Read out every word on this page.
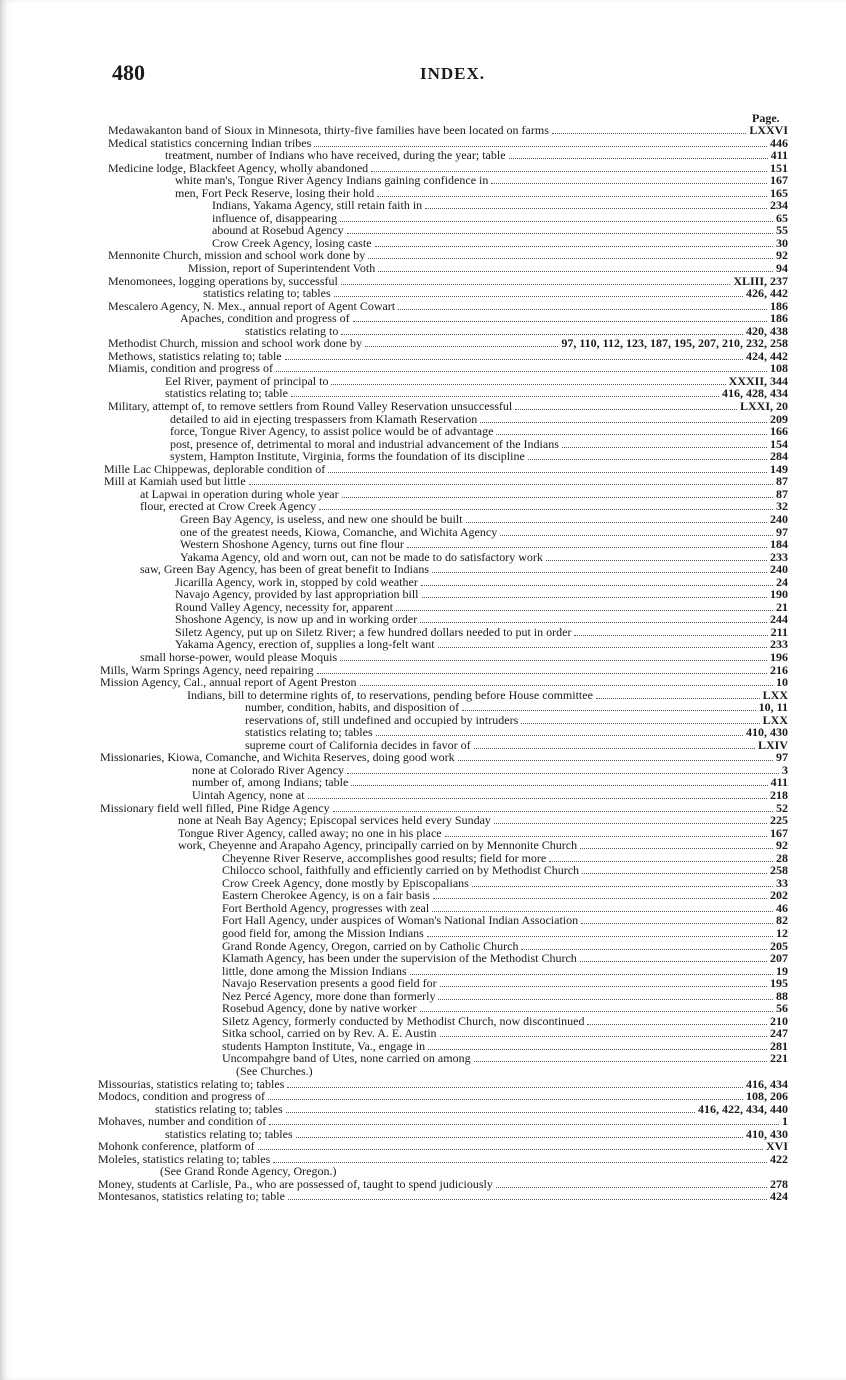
480	INDEX.
Page.
Medawakanton band of Sioux in Minnesota, thirty-five families have been located on farms	LXXVI
Medical statistics concerning Indian tribes	446
treatment, number of Indians who have received, during the year; table	411
Medicine lodge, Blackfeet Agency, wholly abandoned	151
white man's, Tongue River Agency Indians gaining confidence in	167
men, Fort Peck Reserve, losing their hold	165
Indians, Yakama Agency, still retain faith in	234
influence of, disappearing	65
abound at Rosebud Agency	55
Crow Creek Agency, losing caste	30
Mennonite Church, mission and school work done by	92
Mission, report of Superintendent Voth	94
Menomonees, logging operations by, successful	XLIII, 237
statistics relating to; tables	426, 442
Mescalero Agency, N. Mex., annual report of Agent Cowart	186
Apaches, condition and progress of	186
statistics relating to	420, 438
Methodist Church, mission and school work done by	97, 110, 112, 123, 187, 195, 207, 210, 232, 258
Methows, statistics relating to; table	424, 442
Miamis, condition and progress of	108
Eel River, payment of principal to	XXXII, 344
statistics relating to; table	416, 428, 434
Military, attempt of, to remove settlers from Round Valley Reservation unsuccessful	LXXI, 20
detailed to aid in ejecting trespassers from Klamath Reservation	209
force, Tongue River Agency, to assist police would be of advantage	166
post, presence of, detrimental to moral and industrial advancement of the Indians	154
system, Hampton Institute, Virginia, forms the foundation of its discipline	284
Mille Lac Chippewas, deplorable condition of	149
Mill at Kamiah used but little	87
at Lapwai in operation during whole year	87
flour, erected at Crow Creek Agency	32
Green Bay Agency, is useless, and new one should be built	240
one of the greatest needs, Kiowa, Comanche, and Wichita Agency	97
Western Shoshone Agency, turns out fine flour	184
Yakama Agency, old and worn out, can not be made to do satisfactory work	233
saw, Green Bay Agency, has been of great benefit to Indians	240
Jicarilla Agency, work in, stopped by cold weather	24
Navajo Agency, provided by last appropriation bill	190
Round Valley Agency, necessity for, apparent	21
Shoshone Agency, is now up and in working order	244
Siletz Agency, put up on Siletz River; a few hundred dollars needed to put in order	211
Yakama Agency, erection of, supplies a long-felt want	233
small horse-power, would please Moquis	196
Mills, Warm Springs Agency, need repairing	216
Mission Agency, Cal., annual report of Agent Preston	10
Indians, bill to determine rights of, to reservations, pending before House committee	LXX
number, condition, habits, and disposition of	10, 11
reservations of, still undefined and occupied by intruders	LXX
statistics relating to; tables	410, 430
supreme court of California decides in favor of	LXIV
Missionaries, Kiowa, Comanche, and Wichita Reserves, doing good work	97
none at Colorado River Agency	3
number of, among Indians; table	411
Uintah Agency, none at	218
Missionary field well filled, Pine Ridge Agency	52
none at Neah Bay Agency; Episcopal services held every Sunday	225
Tongue River Agency, called away; no one in his place	167
work, Cheyenne and Arapaho Agency, principally carried on by Mennonite Church	92
Cheyenne River Reserve, accomplishes good results; field for more	28
Chilocco school, faithfully and efficiently carried on by Methodist Church	258
Crow Creek Agency, done mostly by Episcopalians	33
Eastern Cherokee Agency, is on a fair basis	202
Fort Berthold Agency, progresses with zeal	46
Fort Hall Agency, under auspices of Woman's National Indian Association	82
good field for, among the Mission Indians	12
Grand Ronde Agency, Oregon, carried on by Catholic Church	205
Klamath Agency, has been under the supervision of the Methodist Church	207
little, done among the Mission Indians	19
Navajo Reservation presents a good field for	195
Nez Percé Agency, more done than formerly	88
Rosebud Agency, done by native worker	56
Siletz Agency, formerly conducted by Methodist Church, now discontinued	210
Sitka school, carried on by Rev. A. E. Austin	247
students Hampton Institute, Va., engage in	281
Uncompahgre band of Utes, none carried on among	221
(See Churches.)
Missourias, statistics relating to; tables	416, 434
Modocs, condition and progress of	108, 206
statistics relating to; tables	416, 422, 434, 440
Mohaves, number and condition of	1
statistics relating to; tables	410, 430
Mohonk conference, platform of	XVI
Moleles, statistics relating to; tables	422
(See Grand Ronde Agency, Oregon.)
Money, students at Carlisle, Pa., who are possessed of, taught to spend judiciously	278
Montesanos, statistics relating to; table	424
